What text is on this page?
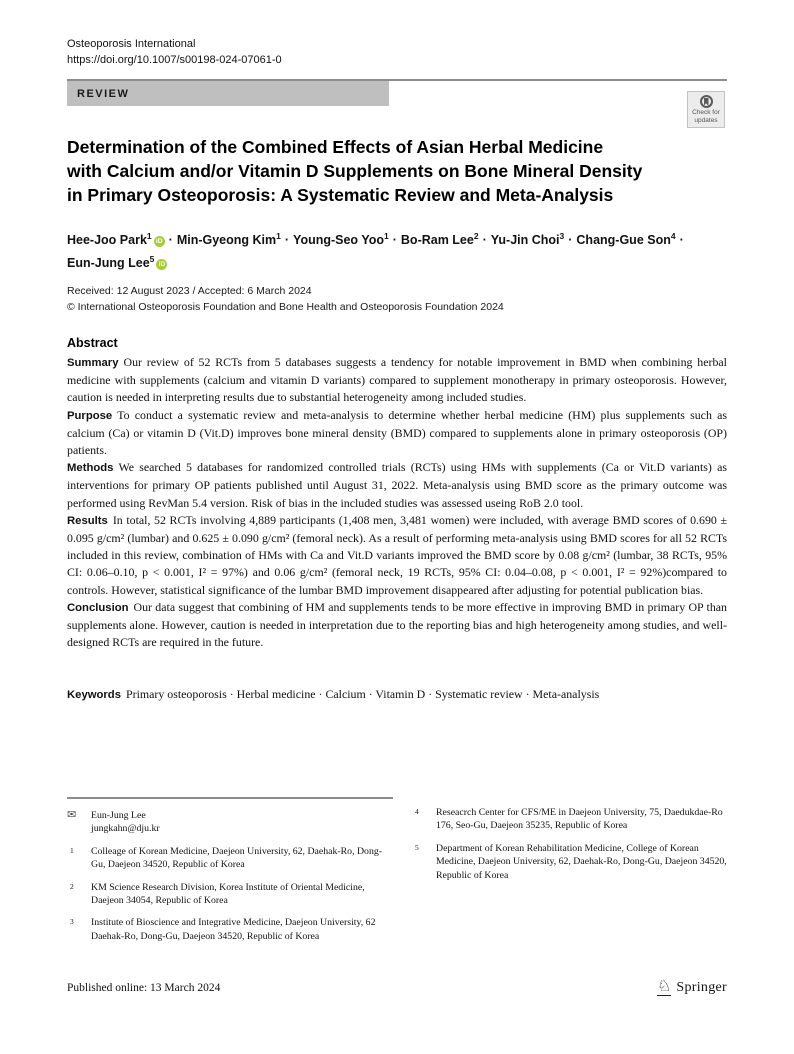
Osteoporosis International
https://doi.org/10.1007/s00198-024-07061-0
REVIEW
Check for
updates
Determination of the Combined Effects of Asian Herbal Medicine
with Calcium and/or Vitamin D Supplements on Bone Mineral Density
in Primary Osteoporosis: A Systematic Review and Meta-Analysis
Hee-Joo Park$^1$iD · Min-Gyeong Kim$^1$ · Young-Seo Yoo$^1$ · Bo-Ram Lee$^2$ · Yu-Jin Choi$^3$ · Chang-Gue Son$^4$ ·
Eun-Jung Lee$^5$iD
Received: 12 August 2023 / Accepted: 6 March 2024
© International Osteoporosis Foundation and Bone Health and Osteoporosis Foundation 2024
Abstract

Summary Our review of 52 RCTs from 5 databases suggests a tendency for notable improvement in BMD when combining herbal medicine with supplements (calcium and vitamin D variants) compared to supplement monotherapy in primary osteoporosis. However, caution is needed in interpreting results due to substantial heterogeneity among included studies.

Purpose To conduct a systematic review and meta-analysis to determine whether herbal medicine (HM) plus supplements such as calcium (Ca) or vitamin D (Vit.D) improves bone mineral density (BMD) compared to supplements alone in primary osteoporosis (OP) patients.

Methods We searched 5 databases for randomized controlled trials (RCTs) using HMs with supplements (Ca or Vit.D variants) as interventions for primary OP patients published until August 31, 2022. Meta-analysis using BMD score as the primary outcome was performed using RevMan 5.4 version. Risk of bias in the included studies was assessed useing RoB 2.0 tool.

Results In total, 52 RCTs involving 4,889 participants (1,408 men, 3,481 women) were included, with average BMD scores of 0.690 ± 0.095 g/cm² (lumbar) and 0.625 ± 0.090 g/cm² (femoral neck). As a result of performing meta-analysis using BMD scores for all 52 RCTs included in this review, combination of HMs with Ca and Vit.D variants improved the BMD score by 0.08 g/cm² (lumbar, 38 RCTs, 95% CI: 0.06–0.10, p < 0.001, I² = 97%) and 0.06 g/cm² (femoral neck, 19 RCTs, 95% CI: 0.04–0.08, p < 0.001, I² = 92%)compared to controls. However, statistical significance of the lumbar BMD improvement disappeared after adjusting for potential publication bias.

Conclusion Our data suggest that combining of HM and supplements tends to be more effective in improving BMD in primary OP than supplements alone. However, caution is needed in interpretation due to the reporting bias and high heterogeneity among studies, and well-designed RCTs are required in the future.

Keywords Primary osteoporosis · Herbal medicine · Calcium · Vitamin D · Systematic review · Meta-analysis
✉	Eun-Jung Lee
jungkahn@dju.kr
1	Colleage of Korean Medicine, Daejeon University, 62, Daehak-Ro, Dong-Gu, Daejeon 34520, Republic of Korea
2	KM Science Research Division, Korea Institute of Oriental Medicine, Daejeon 34054, Republic of Korea
3	Institute of Bioscience and Integrative Medicine, Daejeon University, 62 Daehak-Ro, Dong-Gu, Daejeon 34520, Republic of Korea
4	Reseacrch Center for CFS/ME in Daejeon University, 75, Daedukdae-Ro 176, Seo-Gu, Daejeon 35235, Republic of Korea
5	Department of Korean Rehabilitation Medicine, College of Korean Medicine, Daejeon University, 62, Daehak-Ro, Dong-Gu, Daejeon 34520, Republic of Korea
Published online: 13 March 2024	♘ Springer
